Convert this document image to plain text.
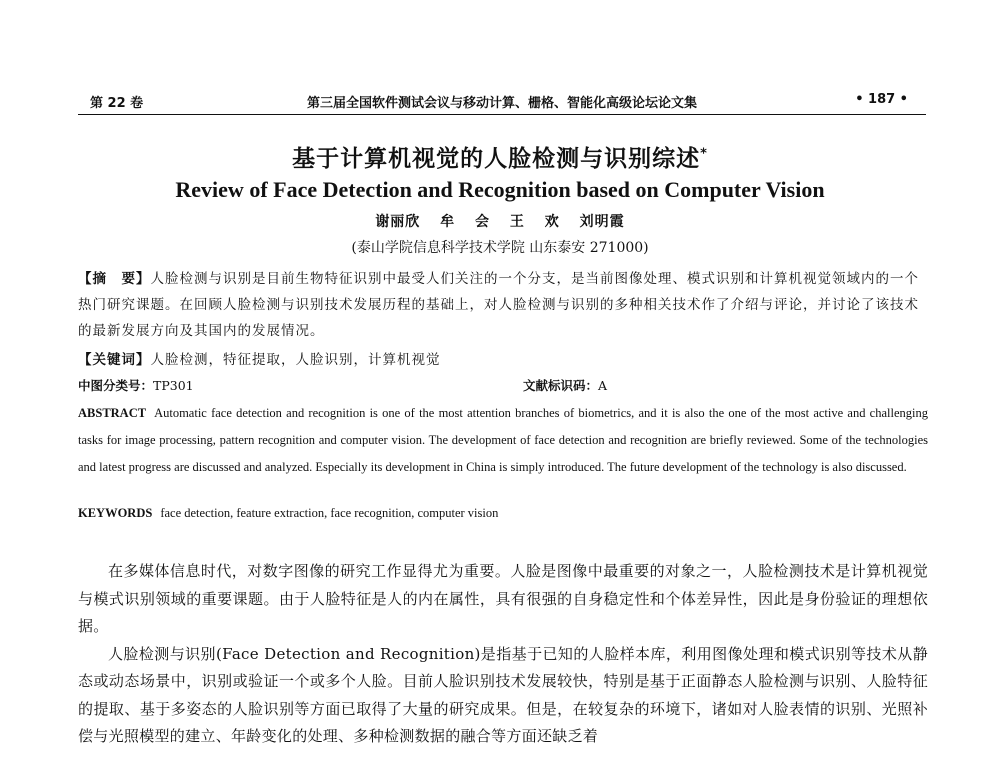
第 22 卷	第三届全国软件测试会议与移动计算、栅格、智能化高级论坛论文集	• 187 •
基于计算机视觉的人脸检测与识别综述*
Review of Face Detection and Recognition based on Computer Vision
谢丽欣 牟 会 王 欢 刘明霞
(泰山学院信息科学技术学院 山东泰安 271000)
【摘　要】人脸检测与识别是目前生物特征识别中最受人们关注的一个分支，是当前图像处理、模式识别和计算机视觉领域内的一个热门研究课题。在回顾人脸检测与识别技术发展历程的基础上，对人脸检测与识别的多种相关技术作了介绍与评论，并讨论了该技术的最新发展方向及其国内的发展情况。
【关键词】人脸检测，特征提取，人脸识别，计算机视觉
中图分类号：TP301	文献标识码：A
ABSTRACT Automatic face detection and recognition is one of the most attention branches of biometrics, and it is also the one of the most active and challenging tasks for image processing, pattern recognition and computer vision. The development of face detection and recognition are briefly reviewed. Some of the technologies and latest progress are discussed and analyzed. Especially its development in China is simply introduced. The future development of the technology is also discussed.
KEYWORDS face detection, feature extraction, face recognition, computer vision

在多媒体信息时代，对数字图像的研究工作显得尤为重要。人脸是图像中最重要的对象之一，人脸检测技术是计算机视觉与模式识别领域的重要课题。由于人脸特征是人的内在属性，具有很强的自身稳定性和个体差异性，因此是身份验证的理想依据。

人脸检测与识别(Face Detection and Recognition)是指基于已知的人脸样本库，利用图像处理和模式识别等技术从静态或动态场景中，识别或验证一个或多个人脸。目前人脸识别技术发展较快，特别是基于正面静态人脸检测与识别、人脸特征的提取、基于多姿态的人脸识别等方面已取得了大量的研究成果。但是，在较复杂的环境下，诸如对人脸表情的识别、光照补偿与光照模型的建立、年龄变化的处理、多种检测数据的融合等方面还缺乏着
